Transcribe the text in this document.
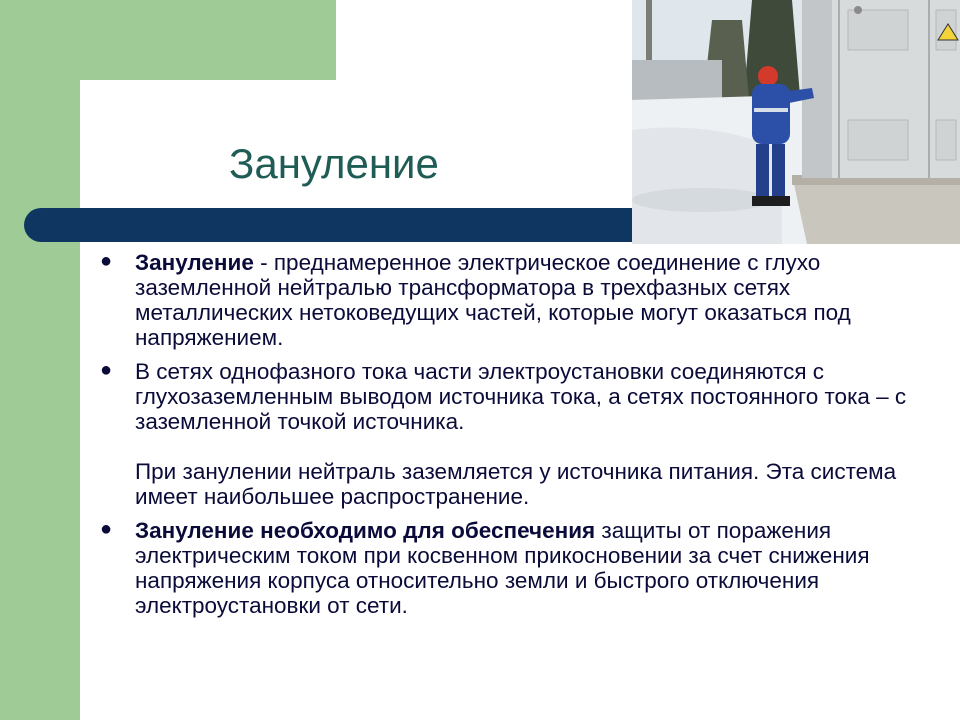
Зануление
● Зануление - преднамеренное электрическое соединение с глухо заземленной нейтралью трансформатора в трехфазных сетях металлических нетоковедущих частей, которые могут оказаться под напряжением.
● В сетях однофазного тока части электроустановки соединяются с глухозаземленным выводом источника тока, а сетях постоянного тока – с заземленной точкой источника.
При занулении нейтраль заземляется у источника питания. Эта система имеет наибольшее распространение.
● Зануление необходимо для обеспечения защиты от поражения электрическим током при косвенном прикосновении за счет снижения напряжения корпуса относительно земли и быстрого отключения электроустановки от сети.
